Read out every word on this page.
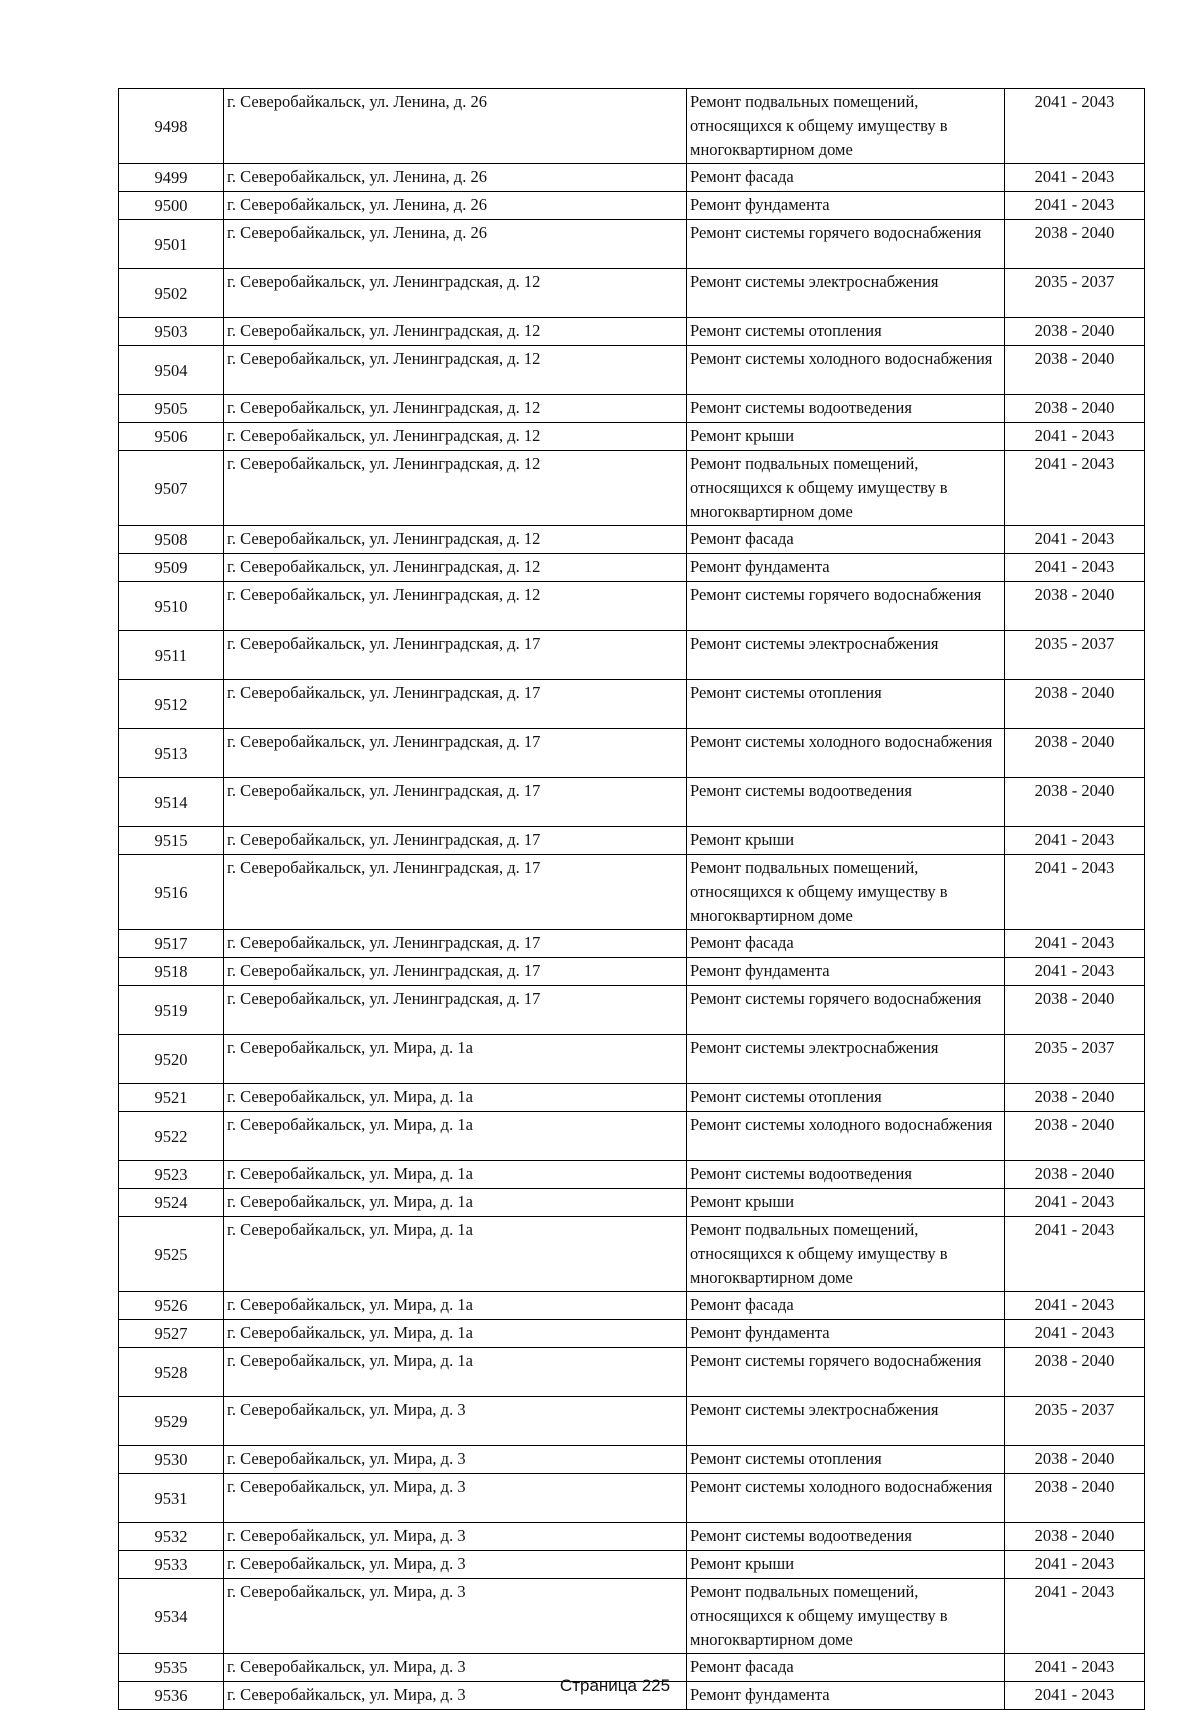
9498	г. Северобайкальск, ул. Ленина, д. 26	Ремонт подвальных помещений, относящихся к общему имуществу в многоквартирном доме	2041 - 2043
9499	г. Северобайкальск, ул. Ленина, д. 26	Ремонт фасада	2041 - 2043
9500	г. Северобайкальск, ул. Ленина, д. 26	Ремонт фундамента	2041 - 2043
9501	г. Северобайкальск, ул. Ленина, д. 26	Ремонт системы горячего водоснабжения	2038 - 2040
9502	г. Северобайкальск, ул. Ленинградская, д. 12	Ремонт системы электроснабжения	2035 - 2037
9503	г. Северобайкальск, ул. Ленинградская, д. 12	Ремонт системы отопления	2038 - 2040
9504	г. Северобайкальск, ул. Ленинградская, д. 12	Ремонт системы холодного водоснабжения	2038 - 2040
9505	г. Северобайкальск, ул. Ленинградская, д. 12	Ремонт системы водоотведения	2038 - 2040
9506	г. Северобайкальск, ул. Ленинградская, д. 12	Ремонт крыши	2041 - 2043
9507	г. Северобайкальск, ул. Ленинградская, д. 12	Ремонт подвальных помещений, относящихся к общему имуществу в многоквартирном доме	2041 - 2043
9508	г. Северобайкальск, ул. Ленинградская, д. 12	Ремонт фасада	2041 - 2043
9509	г. Северобайкальск, ул. Ленинградская, д. 12	Ремонт фундамента	2041 - 2043
9510	г. Северобайкальск, ул. Ленинградская, д. 12	Ремонт системы горячего водоснабжения	2038 - 2040
9511	г. Северобайкальск, ул. Ленинградская, д. 17	Ремонт системы электроснабжения	2035 - 2037
9512	г. Северобайкальск, ул. Ленинградская, д. 17	Ремонт системы отопления	2038 - 2040
9513	г. Северобайкальск, ул. Ленинградская, д. 17	Ремонт системы холодного водоснабжения	2038 - 2040
9514	г. Северобайкальск, ул. Ленинградская, д. 17	Ремонт системы водоотведения	2038 - 2040
9515	г. Северобайкальск, ул. Ленинградская, д. 17	Ремонт крыши	2041 - 2043
9516	г. Северобайкальск, ул. Ленинградская, д. 17	Ремонт подвальных помещений, относящихся к общему имуществу в многоквартирном доме	2041 - 2043
9517	г. Северобайкальск, ул. Ленинградская, д. 17	Ремонт фасада	2041 - 2043
9518	г. Северобайкальск, ул. Ленинградская, д. 17	Ремонт фундамента	2041 - 2043
9519	г. Северобайкальск, ул. Ленинградская, д. 17	Ремонт системы горячего водоснабжения	2038 - 2040
9520	г. Северобайкальск, ул. Мира, д. 1а	Ремонт системы электроснабжения	2035 - 2037
9521	г. Северобайкальск, ул. Мира, д. 1а	Ремонт системы отопления	2038 - 2040
9522	г. Северобайкальск, ул. Мира, д. 1а	Ремонт системы холодного водоснабжения	2038 - 2040
9523	г. Северобайкальск, ул. Мира, д. 1а	Ремонт системы водоотведения	2038 - 2040
9524	г. Северобайкальск, ул. Мира, д. 1а	Ремонт крыши	2041 - 2043
9525	г. Северобайкальск, ул. Мира, д. 1а	Ремонт подвальных помещений, относящихся к общему имуществу в многоквартирном доме	2041 - 2043
9526	г. Северобайкальск, ул. Мира, д. 1а	Ремонт фасада	2041 - 2043
9527	г. Северобайкальск, ул. Мира, д. 1а	Ремонт фундамента	2041 - 2043
9528	г. Северобайкальск, ул. Мира, д. 1а	Ремонт системы горячего водоснабжения	2038 - 2040
9529	г. Северобайкальск, ул. Мира, д. 3	Ремонт системы электроснабжения	2035 - 2037
9530	г. Северобайкальск, ул. Мира, д. 3	Ремонт системы отопления	2038 - 2040
9531	г. Северобайкальск, ул. Мира, д. 3	Ремонт системы холодного водоснабжения	2038 - 2040
9532	г. Северобайкальск, ул. Мира, д. 3	Ремонт системы водоотведения	2038 - 2040
9533	г. Северобайкальск, ул. Мира, д. 3	Ремонт крыши	2041 - 2043
9534	г. Северобайкальск, ул. Мира, д. 3	Ремонт подвальных помещений, относящихся к общему имуществу в многоквартирном доме	2041 - 2043
9535	г. Северобайкальск, ул. Мира, д. 3	Ремонт фасада	2041 - 2043
9536	г. Северобайкальск, ул. Мира, д. 3	Ремонт фундамента	2041 - 2043
Страница 225
